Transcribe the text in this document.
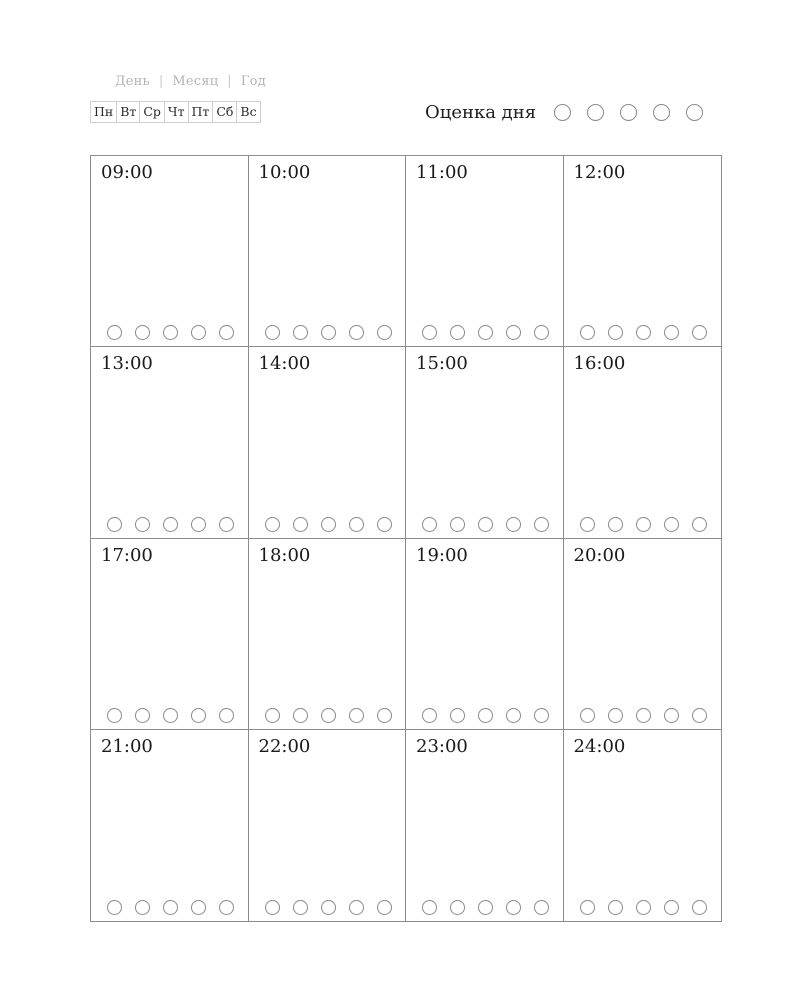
День | Месяц | Год
Пн Вт Ср Чт Пт Сб Вс	Оценка дня
09:00	10:00	11:00	12:00
13:00	14:00	15:00	16:00
17:00	18:00	19:00	20:00
21:00	22:00	23:00	24:00
